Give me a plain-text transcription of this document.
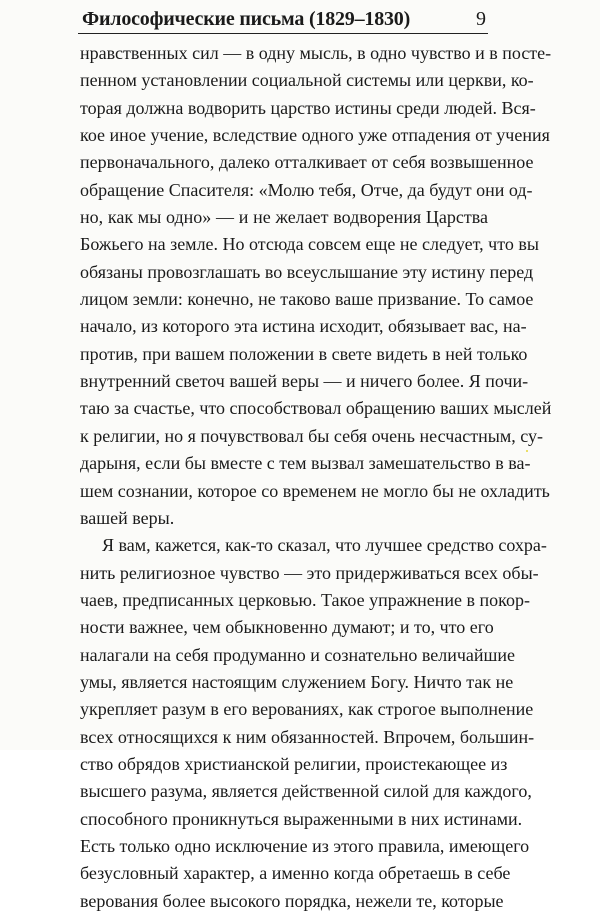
Философические письма (1829–1830)	9
нравственных сил — в одну мысль, в одно чувство и в посте-
пенном установлении социальной системы или церкви, ко-
торая должна водворить царство истины среди людей. Вся-
кое иное учение, вследствие одного уже отпадения от учения
первоначального, далеко отталкивает от себя возвышенное
обращение Спасителя: «Молю тебя, Отче, да будут они од-
но, как мы одно» — и не желает водворения Царства
Божьего на земле. Но отсюда совсем еще не следует, что вы
обязаны провозглашать во всеуслышание эту истину перед
лицом земли: конечно, не таково ваше призвание. То самое
начало, из которого эта истина исходит, обязывает вас, на-
против, при вашем положении в свете видеть в ней только
внутренний светоч вашей веры — и ничего более. Я почи-
таю за счастье, что способствовал обращению ваших мыслей
к религии, но я почувствовал бы себя очень несчастным, су-
дарыня, если бы вместе с тем вызвал замешательство в ва-
шем сознании, которое со временем не могло бы не охладить
вашей веры.
Я вам, кажется, как-то сказал, что лучшее средство сохра-
нить религиозное чувство — это придерживаться всех обы-
чаев, предписанных церковью. Такое упражнение в покор-
ности важнее, чем обыкновенно думают; и то, что его
налагали на себя продуманно и сознательно величайшие
умы, является настоящим служением Богу. Ничто так не
укрепляет разум в его верованиях, как строгое выполнение
всех относящихся к ним обязанностей. Впрочем, большин-
ство обрядов христианской религии, проистекающее из
высшего разума, является действенной силой для каждого,
способного проникнуться выраженными в них истинами.
Есть только одно исключение из этого правила, имеющего
безусловный характер, а именно когда обретаешь в себе
верования более высокого порядка, нежели те, которые
